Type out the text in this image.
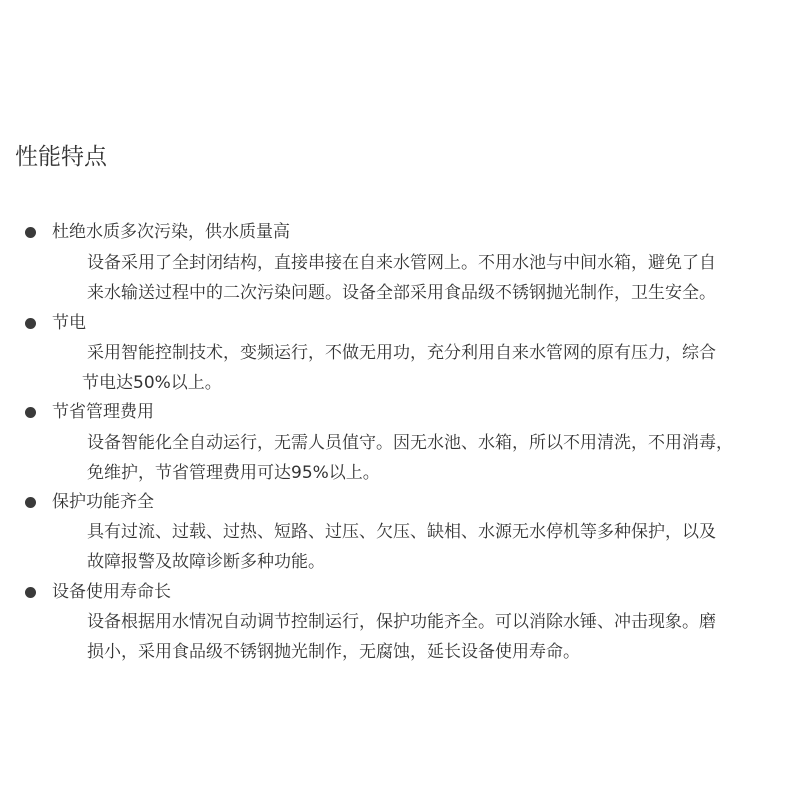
性能特点
杜绝水质多次污染，供水质量高
设备采用了全封闭结构，直接串接在自来水管网上。不用水池与中间水箱，避免了自
来水输送过程中的二次污染问题。设备全部采用食品级不锈钢抛光制作，卫生安全。
节电
采用智能控制技术，变频运行，不做无用功，充分利用自来水管网的原有压力，综合
节电达50%以上。
节省管理费用
设备智能化全自动运行，无需人员值守。因无水池、水箱，所以不用清洗，不用消毒，
免维护，节省管理费用可达95%以上。
保护功能齐全
具有过流、过载、过热、短路、过压、欠压、缺相、水源无水停机等多种保护，以及
故障报警及故障诊断多种功能。
设备使用寿命长
设备根据用水情况自动调节控制运行，保护功能齐全。可以消除水锤、冲击现象。磨
损小，采用食品级不锈钢抛光制作，无腐蚀，延长设备使用寿命。
